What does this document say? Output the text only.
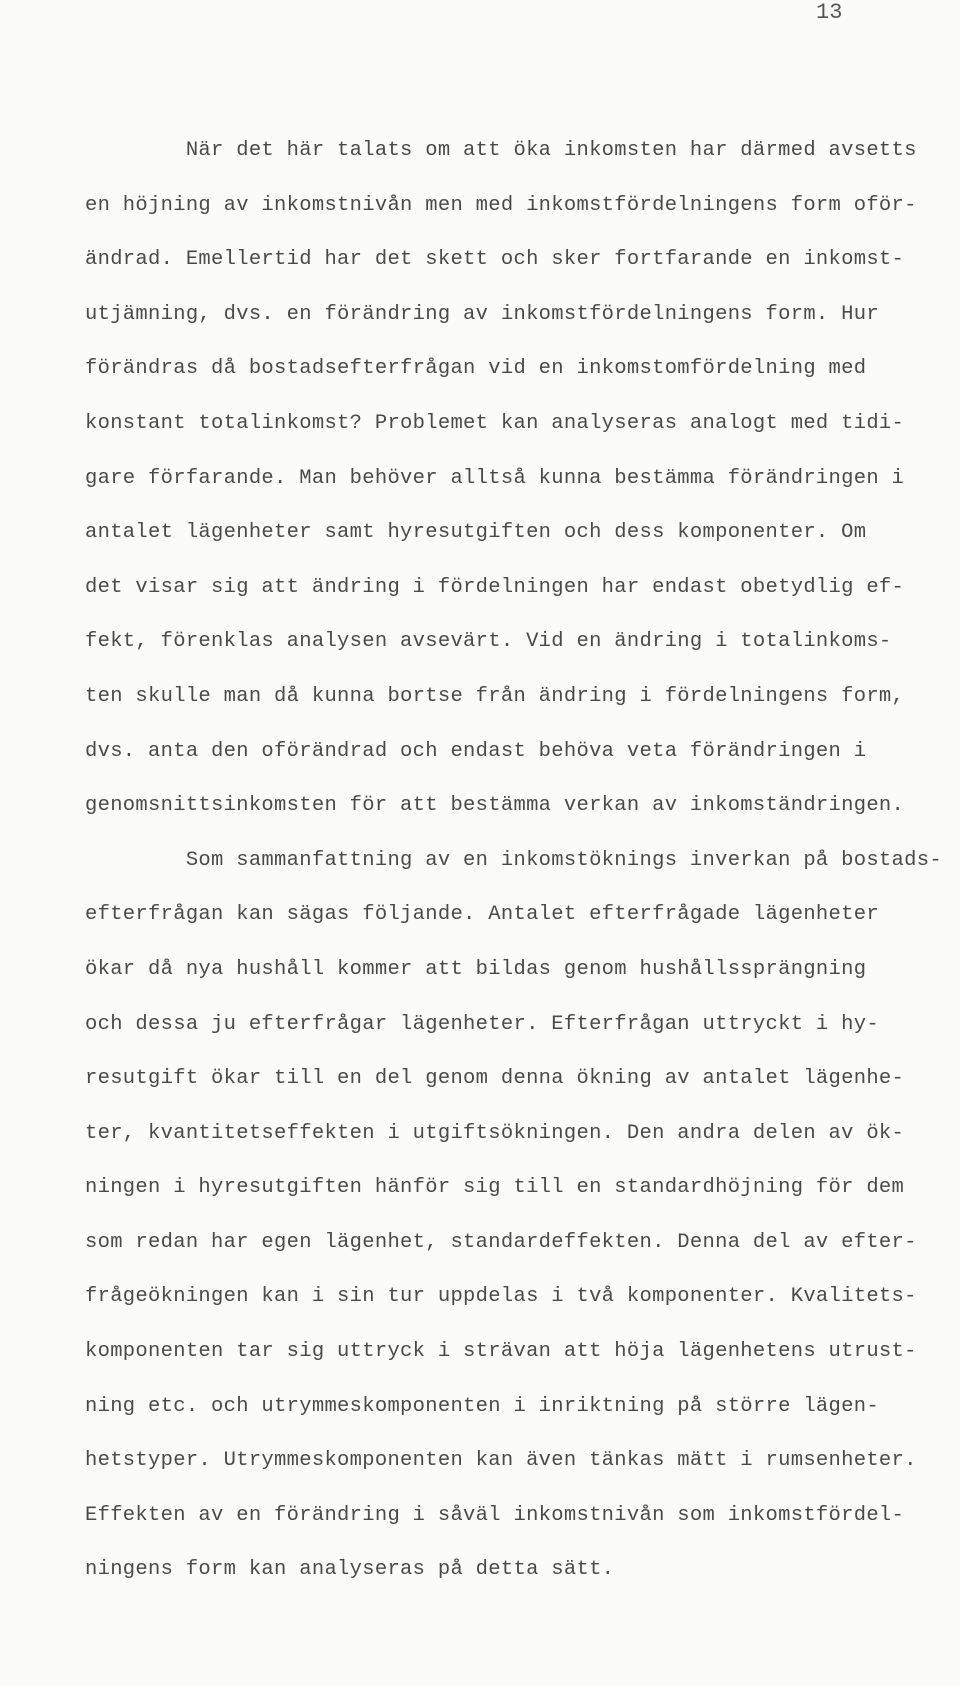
13
När det här talats om att öka inkomsten har därmed avsetts
en höjning av inkomstnivån men med inkomstfördelningens form oför-
ändrad. Emellertid har det skett och sker fortfarande en inkomst-
utjämning, dvs. en förändring av inkomstfördelningens form. Hur
förändras då bostadsefterfrågan vid en inkomstomfördelning med
konstant totalinkomst? Problemet kan analyseras analogt med tidi-
gare förfarande. Man behöver alltså kunna bestämma förändringen i
antalet lägenheter samt hyresutgiften och dess komponenter. Om
det visar sig att ändring i fördelningen har endast obetydlig ef-
fekt, förenklas analysen avsevärt. Vid en ändring i totalinkoms-
ten skulle man då kunna bortse från ändring i fördelningens form,
dvs. anta den oförändrad och endast behöva veta förändringen i
genomsnittsinkomsten för att bestämma verkan av inkomständringen.
Som sammanfattning av en inkomstöknings inverkan på bostads-
efterfrågan kan sägas följande. Antalet efterfrågade lägenheter
ökar då nya hushåll kommer att bildas genom hushållssprängning
och dessa ju efterfrågar lägenheter. Efterfrågan uttryckt i hy-
resutgift ökar till en del genom denna ökning av antalet lägenhe-
ter, kvantitetseffekten i utgiftsökningen. Den andra delen av ök-
ningen i hyresutgiften hänför sig till en standardhöjning för dem
som redan har egen lägenhet, standardeffekten. Denna del av efter-
frågeökningen kan i sin tur uppdelas i två komponenter. Kvalitets-
komponenten tar sig uttryck i strävan att höja lägenhetens utrust-
ning etc. och utrymmeskomponenten i inriktning på större lägen-
hetstyper. Utrymmeskomponenten kan även tänkas mätt i rumsenheter.
Effekten av en förändring i såväl inkomstnivån som inkomstfördel-
ningens form kan analyseras på detta sätt.
